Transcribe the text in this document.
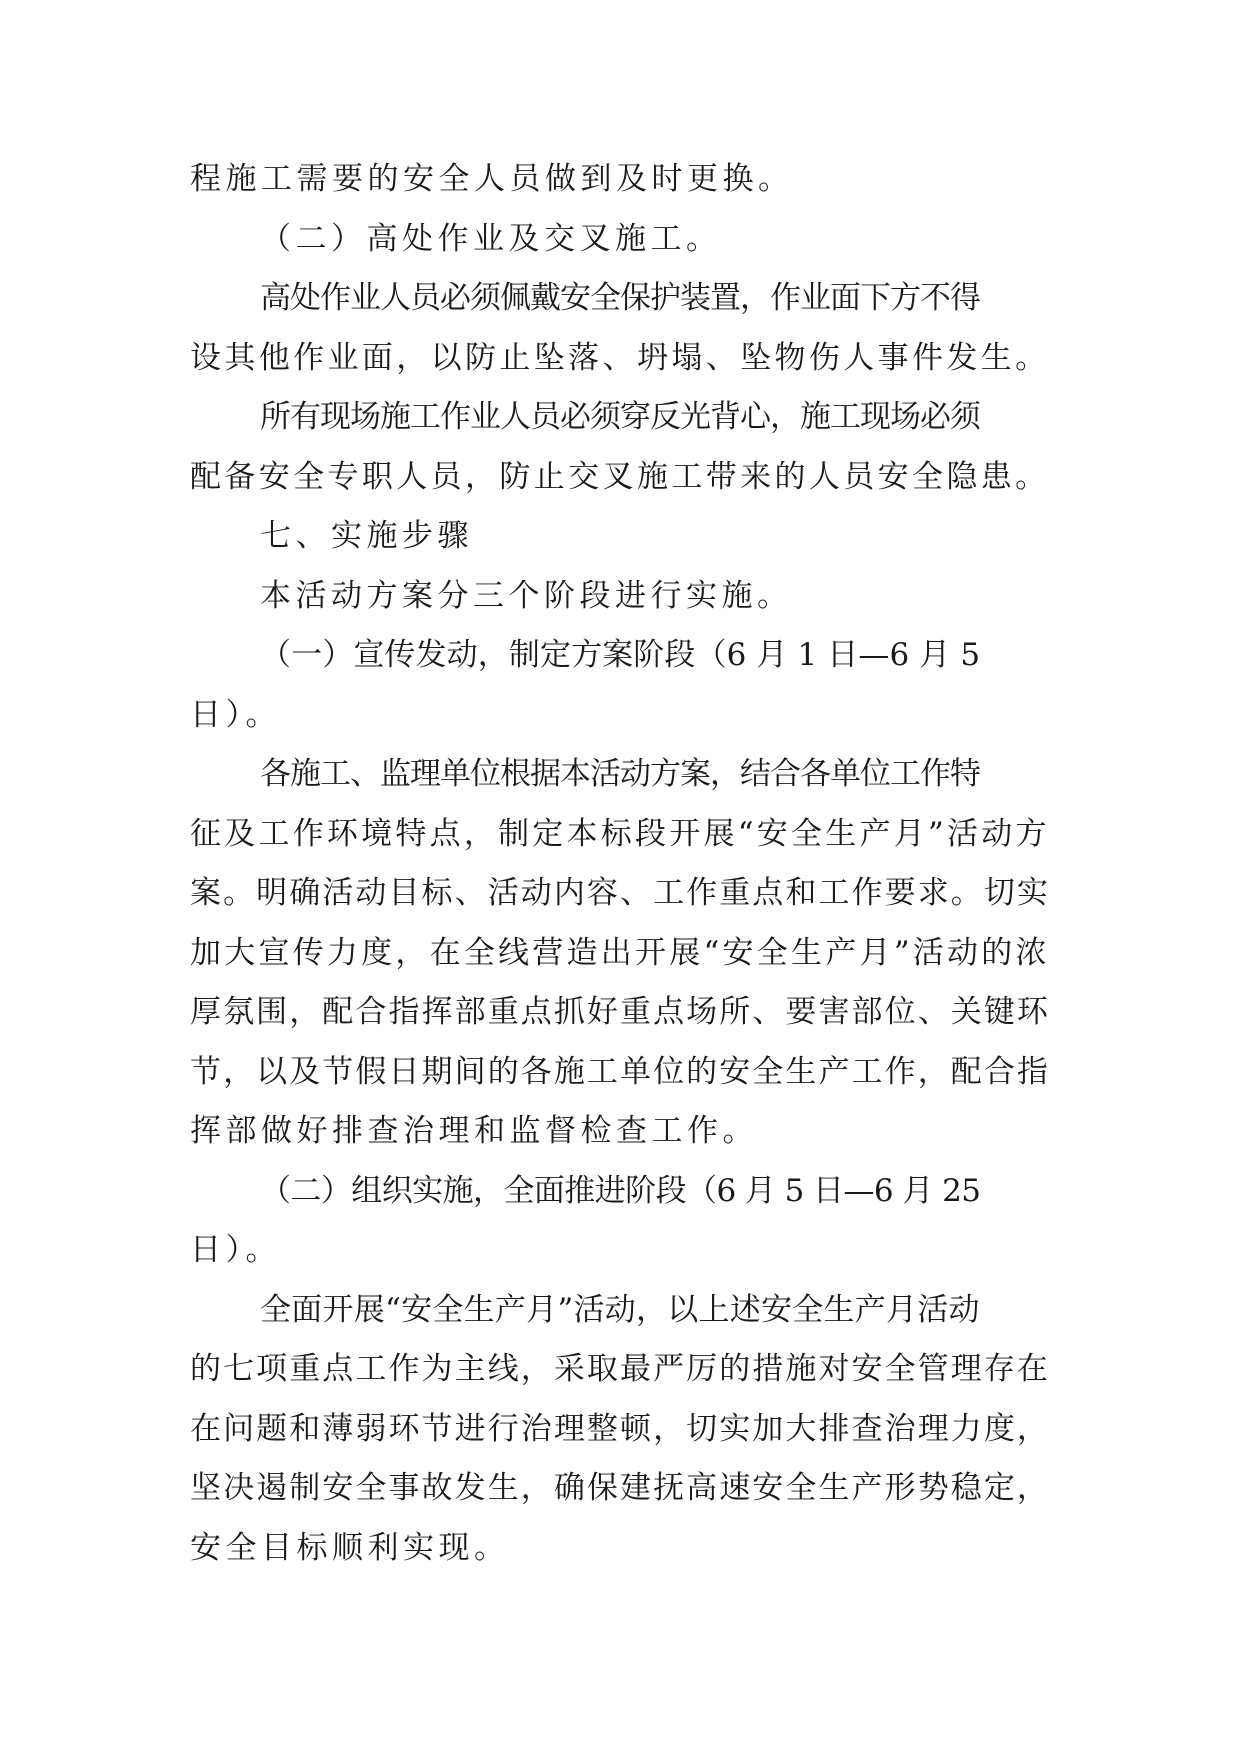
程施工需要的安全人员做到及时更换。
（二）高处作业及交叉施工。
高处作业人员必须佩戴安全保护装置，作业面下方不得
设其他作业面，以防止坠落、坍塌、坠物伤人事件发生。
所有现场施工作业人员必须穿反光背心，施工现场必须
配备安全专职人员，防止交叉施工带来的人员安全隐患。
七、实施步骤
本活动方案分三个阶段进行实施。
（一）宣传发动，制定方案阶段（6 月 1 日—6 月 5
日）。
各施工、监理单位根据本活动方案，结合各单位工作特
征及工作环境特点，制定本标段开展“安全生产月”活动方
案。明确活动目标、活动内容、工作重点和工作要求。切实
加大宣传力度，在全线营造出开展“安全生产月”活动的浓
厚氛围，配合指挥部重点抓好重点场所、要害部位、关键环
节，以及节假日期间的各施工单位的安全生产工作，配合指
挥部做好排查治理和监督检查工作。
（二）组织实施，全面推进阶段（6 月 5 日—6 月 25
日）。
全面开展“安全生产月”活动，以上述安全生产月活动
的七项重点工作为主线，采取最严厉的措施对安全管理存在
在问题和薄弱环节进行治理整顿，切实加大排查治理力度，
坚决遏制安全事故发生，确保建抚高速安全生产形势稳定，
安全目标顺利实现。
